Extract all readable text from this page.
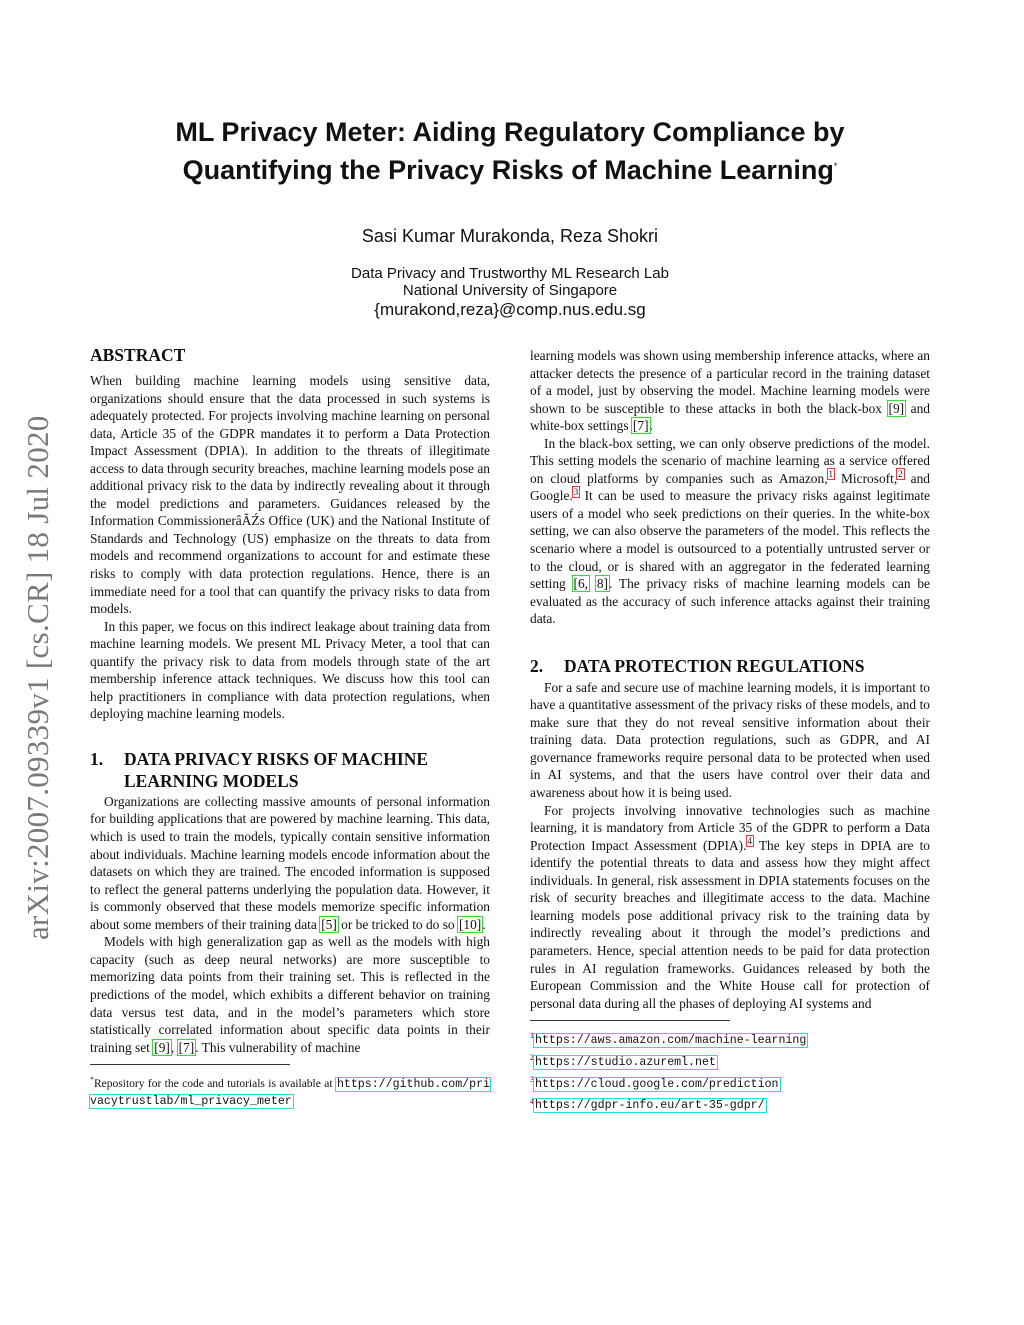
arXiv:2007.09339v1 [cs.CR] 18 Jul 2020
ML Privacy Meter: Aiding Regulatory Compliance by
Quantifying the Privacy Risks of Machine Learning*
Sasi Kumar Murakonda, Reza Shokri
Data Privacy and Trustworthy ML Research Lab
National University of Singapore
{murakond,reza}@comp.nus.edu.sg
ABSTRACT

When building machine learning models using sensitive data, organizations should ensure that the data processed in such systems is adequately protected. For projects involving machine learning on personal data, Article 35 of the GDPR mandates it to perform a Data Protection Impact Assessment (DPIA). In addition to the threats of illegitimate access to data through security breaches, machine learning models pose an additional privacy risk to the data by indirectly revealing about it through the model predictions and parameters. Guidances released by the Information CommissionerâĂŹs Office (UK) and the National Institute of Standards and Technology (US) emphasize on the threats to data from models and recommend organizations to account for and estimate these risks to comply with data protection regulations. Hence, there is an immediate need for a tool that can quantify the privacy risks to data from models.

In this paper, we focus on this indirect leakage about training data from machine learning models. We present ML Privacy Meter, a tool that can quantify the privacy risk to data from models through state of the art membership inference attack techniques. We discuss how this tool can help practitioners in compliance with data protection regulations, when deploying machine learning models.

1.	DATA PRIVACY RISKS OF MACHINE
LEARNING MODELS

Organizations are collecting massive amounts of personal information for building applications that are powered by machine learning. This data, which is used to train the models, typically contain sensitive information about individuals. Machine learning models encode information about the datasets on which they are trained. The encoded information is supposed to reflect the general patterns underlying the population data. However, it is commonly observed that these models memorize specific information about some members of their training data [5] or be tricked to do so [10].

Models with high generalization gap as well as the models with high capacity (such as deep neural networks) are more susceptible to memorizing data points from their training set. This is reflected in the predictions of the model, which exhibits a different behavior on training data versus test data, and in the model’s parameters which store statistically correlated information about specific data points in their training set [9], [7]. This vulnerability of machine

*Repository for the code and tutorials is available at https://github.com/privacytrustlab/ml_privacy_meter

learning models was shown using membership inference attacks, where an attacker detects the presence of a particular record in the training dataset of a model, just by observing the model. Machine learning models were shown to be susceptible to these attacks in both the black-box [9] and white-box settings [7].

In the black-box setting, we can only observe predictions of the model. This setting models the scenario of machine learning as a service offered on cloud platforms by companies such as Amazon,$^1$ Microsoft,$^2$ and Google.$^3$ It can be used to measure the privacy risks against legitimate users of a model who seek predictions on their queries. In the white-box setting, we can also observe the parameters of the model. This reflects the scenario where a model is outsourced to a potentially untrusted server or to the cloud, or is shared with an aggregator in the federated learning setting [6, 8]. The privacy risks of machine learning models can be evaluated as the accuracy of such inference attacks against their training data.

2.	DATA PROTECTION REGULATIONS

For a safe and secure use of machine learning models, it is important to have a quantitative assessment of the privacy risks of these models, and to make sure that they do not reveal sensitive information about their training data. Data protection regulations, such as GDPR, and AI governance frameworks require personal data to be protected when used in AI systems, and that the users have control over their data and awareness about how it is being used.

For projects involving innovative technologies such as machine learning, it is mandatory from Article 35 of the GDPR to perform a Data Protection Impact Assessment (DPIA).$^4$ The key steps in DPIA are to identify the potential threats to data and assess how they might affect individuals. In general, risk assessment in DPIA statements focuses on the risk of security breaches and illegitimate access to the data. Machine learning models pose additional privacy risk to the training data by indirectly revealing about it through the model’s predictions and parameters. Hence, special attention needs to be paid for data protection rules in AI regulation frameworks. Guidances released by both the European Commission and the White House call for protection of personal data during all the phases of deploying AI systems and

$^1$https://aws.amazon.com/machine-learning
$^2$https://studio.azureml.net
$^3$https://cloud.google.com/prediction
$^4$https://gdpr-info.eu/art-35-gdpr/
